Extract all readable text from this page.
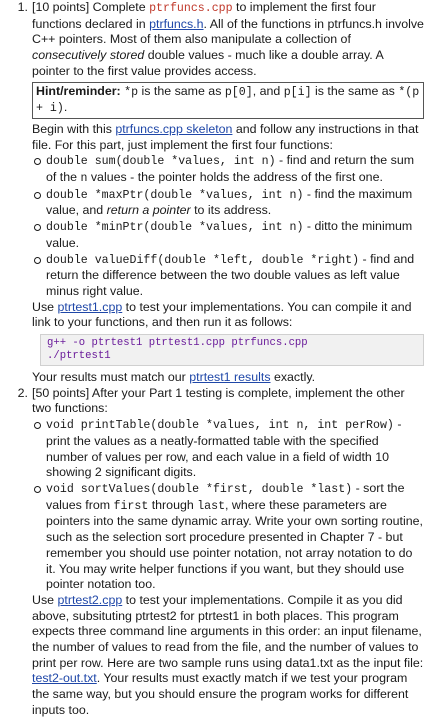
1. [10 points] Complete ptrfuncs.cpp to implement the first four functions declared in ptrfuncs.h. All of the functions in ptrfuncs.h involve C++ pointers. Most of them also manipulate a collection of consecutively stored double values - much like a double array. A pointer to the first value provides access.

Hint/reminder: *p is the same as p[0], and p[i] is the same as *(p + i).

Begin with this ptrfuncs.cpp skeleton and follow any instructions in that file. For this part, just implement the first four functions:

double sum(double *values, int n) - find and return the sum of the n values - the pointer holds the address of the first one.
double *maxPtr(double *values, int n) - find the maximum value, and return a pointer to its address.
double *minPtr(double *values, int n) - ditto the minimum value.
double valueDiff(double *left, double *right) - find and return the difference between the two double values as left value minus right value.

Use ptrtest1.cpp to test your implementations. You can compile it and link to your functions, and then run it as follows:

g++ -o ptrtest1 ptrtest1.cpp ptrfuncs.cpp
./ptrtest1

Your results must match our ptrtest1 results exactly.

2. [50 points] After your Part 1 testing is complete, implement the other two functions:

void printTable(double *values, int n, int perRow) - print the values as a neatly-formatted table with the specified number of values per row, and each value in a field of width 10 showing 2 significant digits.
void sortValues(double *first, double *last) - sort the values from first through last, where these parameters are pointers into the same dynamic array. Write your own sorting routine, such as the selection sort procedure presented in Chapter 7 - but remember you should use pointer notation, not array notation to do it. You may write helper functions if you want, but they should use pointer notation too.

Use ptrtest2.cpp to test your implementations. Compile it as you did above, subsituting ptrtest2 for ptrtest1 in both places. This program expects three command line arguments in this order: an input filename, the number of values to read from the file, and the number of values to print per row. Here are two sample runs using data1.txt as the input file: test2-out.txt. Your results must exactly match if we test your program the same way, but you should ensure the program works for different inputs too.
